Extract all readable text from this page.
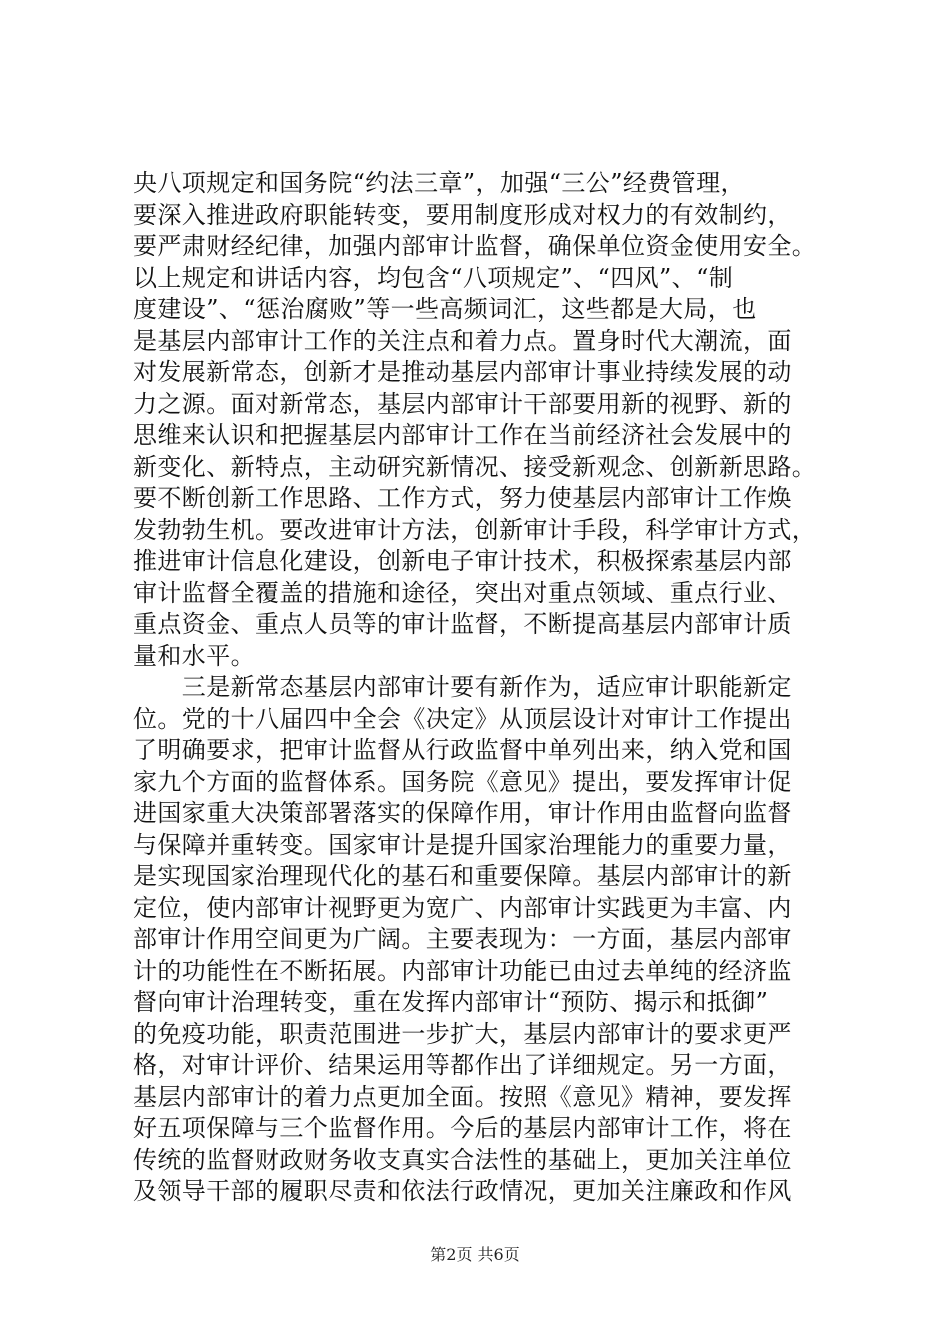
央八项规定和国务院“约法三章”，加强“三公”经费管理，
要深入推进政府职能转变，要用制度形成对权力的有效制约，
要严肃财经纪律，加强内部审计监督，确保单位资金使用安全。
以上规定和讲话内容，均包含“八项规定”、“四风”、“制
度建设”、“惩治腐败”等一些高频词汇，这些都是大局，也
是基层内部审计工作的关注点和着力点。置身时代大潮流，面
对发展新常态，创新才是推动基层内部审计事业持续发展的动
力之源。面对新常态，基层内部审计干部要用新的视野、新的
思维来认识和把握基层内部审计工作在当前经济社会发展中的
新变化、新特点，主动研究新情况、接受新观念、创新新思路。
要不断创新工作思路、工作方式，努力使基层内部审计工作焕
发勃勃生机。要改进审计方法，创新审计手段，科学审计方式，
推进审计信息化建设，创新电子审计技术，积极探索基层内部
审计监督全覆盖的措施和途径，突出对重点领域、重点行业、
重点资金、重点人员等的审计监督，不断提高基层内部审计质
量和水平。
　　三是新常态基层内部审计要有新作为，适应审计职能新定
位。党的十八届四中全会《决定》从顶层设计对审计工作提出
了明确要求，把审计监督从行政监督中单列出来，纳入党和国
家九个方面的监督体系。国务院《意见》提出，要发挥审计促
进国家重大决策部署落实的保障作用，审计作用由监督向监督
与保障并重转变。国家审计是提升国家治理能力的重要力量，
是实现国家治理现代化的基石和重要保障。基层内部审计的新
定位，使内部审计视野更为宽广、内部审计实践更为丰富、内
部审计作用空间更为广阔。主要表现为：一方面，基层内部审
计的功能性在不断拓展。内部审计功能已由过去单纯的经济监
督向审计治理转变，重在发挥内部审计“预防、揭示和抵御”
的免疫功能，职责范围进一步扩大，基层内部审计的要求更严
格，对审计评价、结果运用等都作出了详细规定。另一方面，
基层内部审计的着力点更加全面。按照《意见》精神，要发挥
好五项保障与三个监督作用。今后的基层内部审计工作，将在
传统的监督财政财务收支真实合法性的基础上，更加关注单位
及领导干部的履职尽责和依法行政情况，更加关注廉政和作风
第2页 共6页
